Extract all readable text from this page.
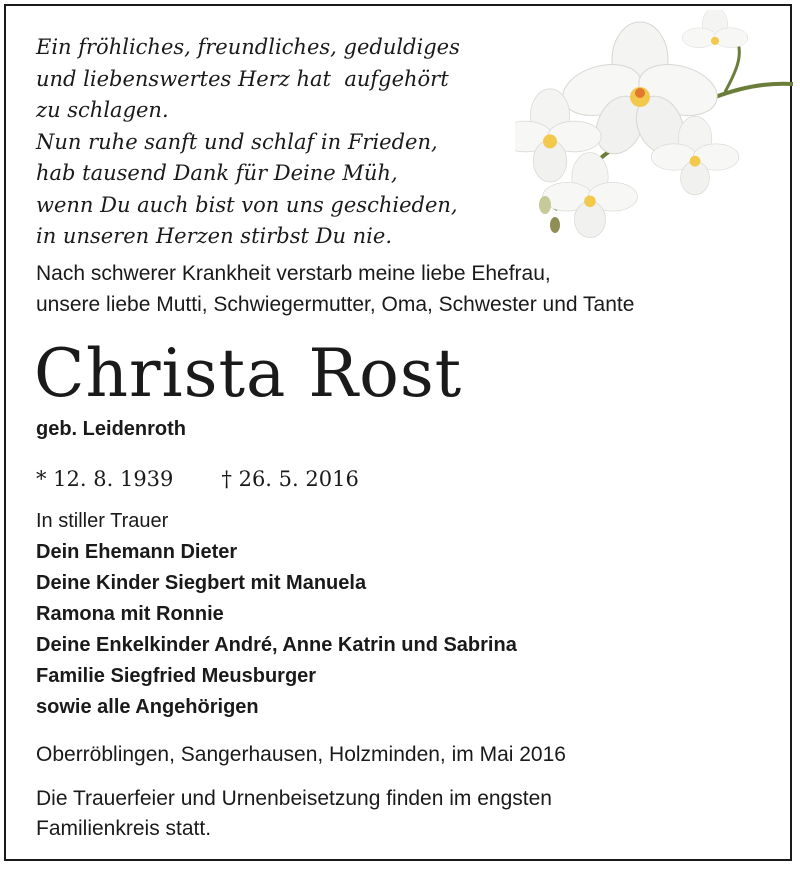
Ein fröhliches, freundliches, geduldiges
und liebenswertes Herz hat  aufgehört
zu schlagen.
Nun ruhe sanft und schlaf in Frieden,
hab tausend Dank für Deine Müh,
wenn Du auch bist von uns geschieden,
in unseren Herzen stirbst Du nie.
Nach schwerer Krankheit verstarb meine liebe Ehefrau,
unsere liebe Mutti, Schwiegermutter, Oma, Schwester und Tante
Christa Rost
geb. Leidenroth
* 12. 8. 1939 † 26. 5. 2016
In stiller Trauer
Dein Ehemann Dieter
Deine Kinder Siegbert mit Manuela
Ramona mit Ronnie
Deine Enkelkinder André, Anne Katrin und Sabrina
Familie Siegfried Meusburger
sowie alle Angehörigen
Oberröblingen, Sangerhausen, Holzminden, im Mai 2016
Die Trauerfeier und Urnenbeisetzung finden im engsten
Familienkreis statt.
